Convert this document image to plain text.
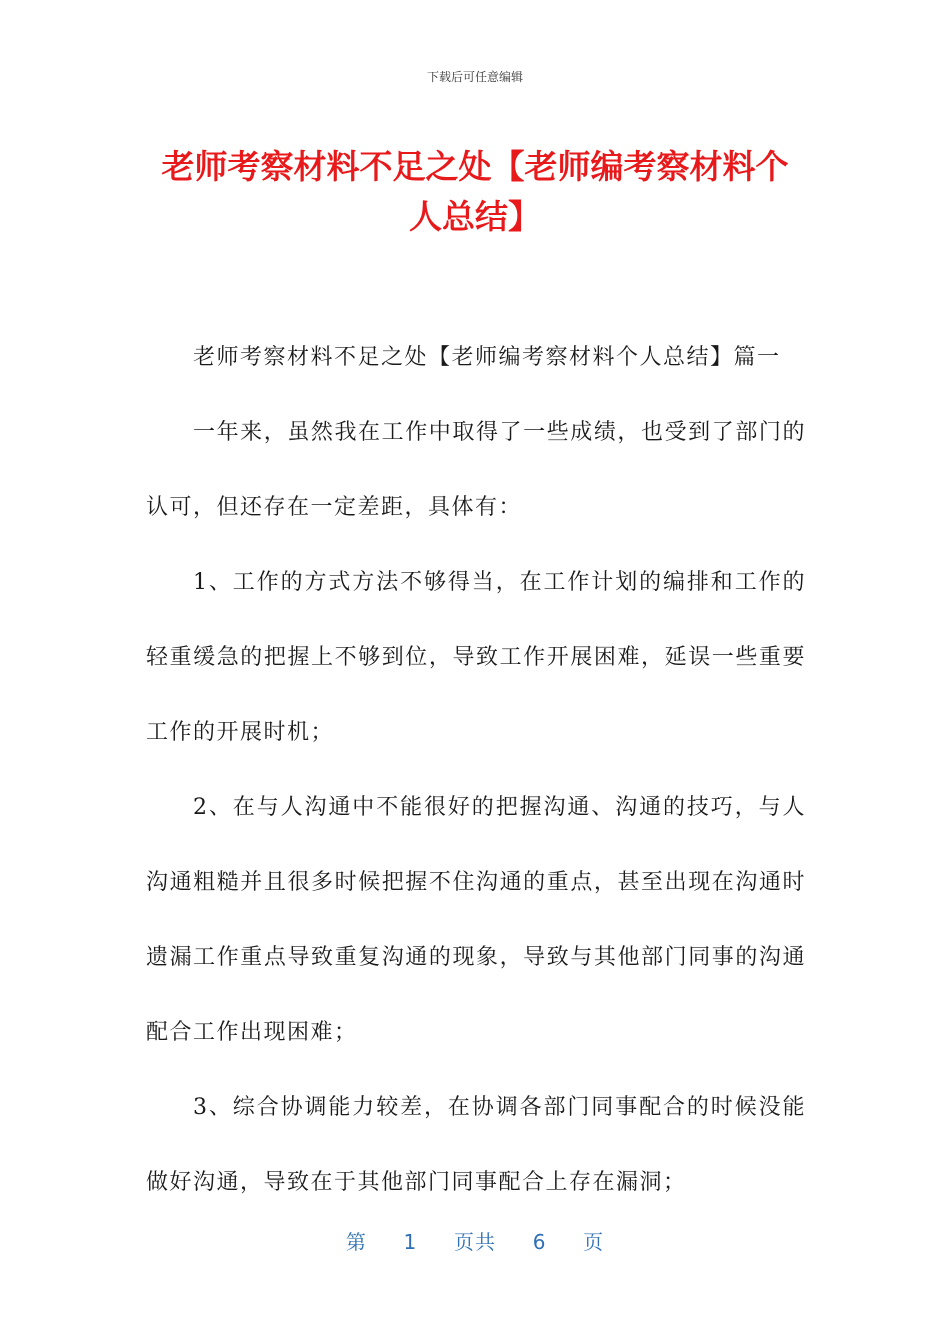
下载后可任意编辑
老师考察材料不足之处【老师编考察材料个人总结】

老师考察材料不足之处【老师编考察材料个人总结】篇一

一年来，虽然我在工作中取得了一些成绩，也受到了部门的认可，但还存在一定差距，具体有：

1、工作的方式方法不够得当，在工作计划的编排和工作的轻重缓急的把握上不够到位，导致工作开展困难，延误一些重要工作的开展时机；

2、在与人沟通中不能很好的把握沟通、沟通的技巧，与人沟通粗糙并且很多时候把握不住沟通的重点，甚至出现在沟通时遗漏工作重点导致重复沟通的现象，导致与其他部门同事的沟通配合工作出现困难；

3、综合协调能力较差，在协调各部门同事配合的时候没能做好沟通，导致在于其他部门同事配合上存在漏洞；

第 1 页共 6 页
